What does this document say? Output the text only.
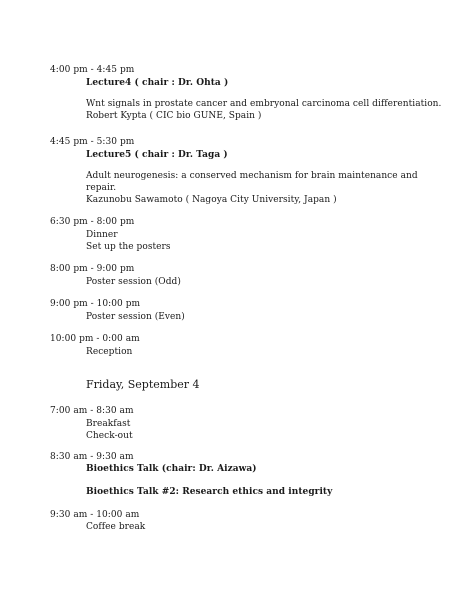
4:00 pm - 4:45 pm
Lecture4 ( chair : Dr. Ohta )
Wnt signals in prostate cancer and embryonal carcinoma cell differentiation.
Robert Kypta ( CIC bio GUNE, Spain )
4:45 pm - 5:30 pm
Lecture5 ( chair : Dr. Taga )
Adult neurogenesis: a conserved mechanism for brain maintenance and
repair.
Kazunobu Sawamoto ( Nagoya City University, Japan )
6:30 pm - 8:00 pm
Dinner
Set up the posters
8:00 pm - 9:00 pm
Poster session (Odd)
9:00 pm - 10:00 pm
Poster session (Even)
10:00 pm - 0:00 am
Reception
Friday, September 4
7:00 am - 8:30 am
Breakfast
Check-out
8:30 am - 9:30 am
Bioethics Talk (chair: Dr. Aizawa)
Bioethics Talk #2: Research ethics and integrity
9:30 am - 10:00 am
Coffee break
